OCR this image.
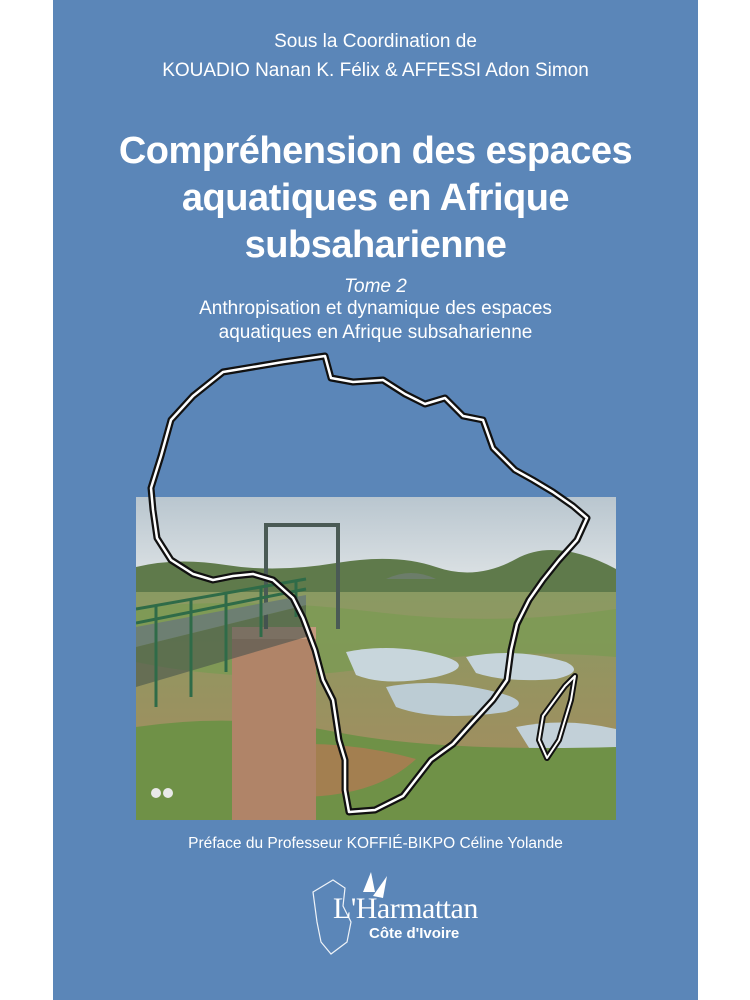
Sous la Coordination de
KOUADIO Nanan K. Félix & AFFESSI Adon Simon
Compréhension des espaces
aquatiques en Afrique
subsaharienne
Tome 2
Anthropisation et dynamique des espaces
aquatiques en Afrique subsaharienne
Préface du Professeur KOFFIÉ-BIKPO Céline Yolande
L'Harmattan
Côte d'Ivoire
